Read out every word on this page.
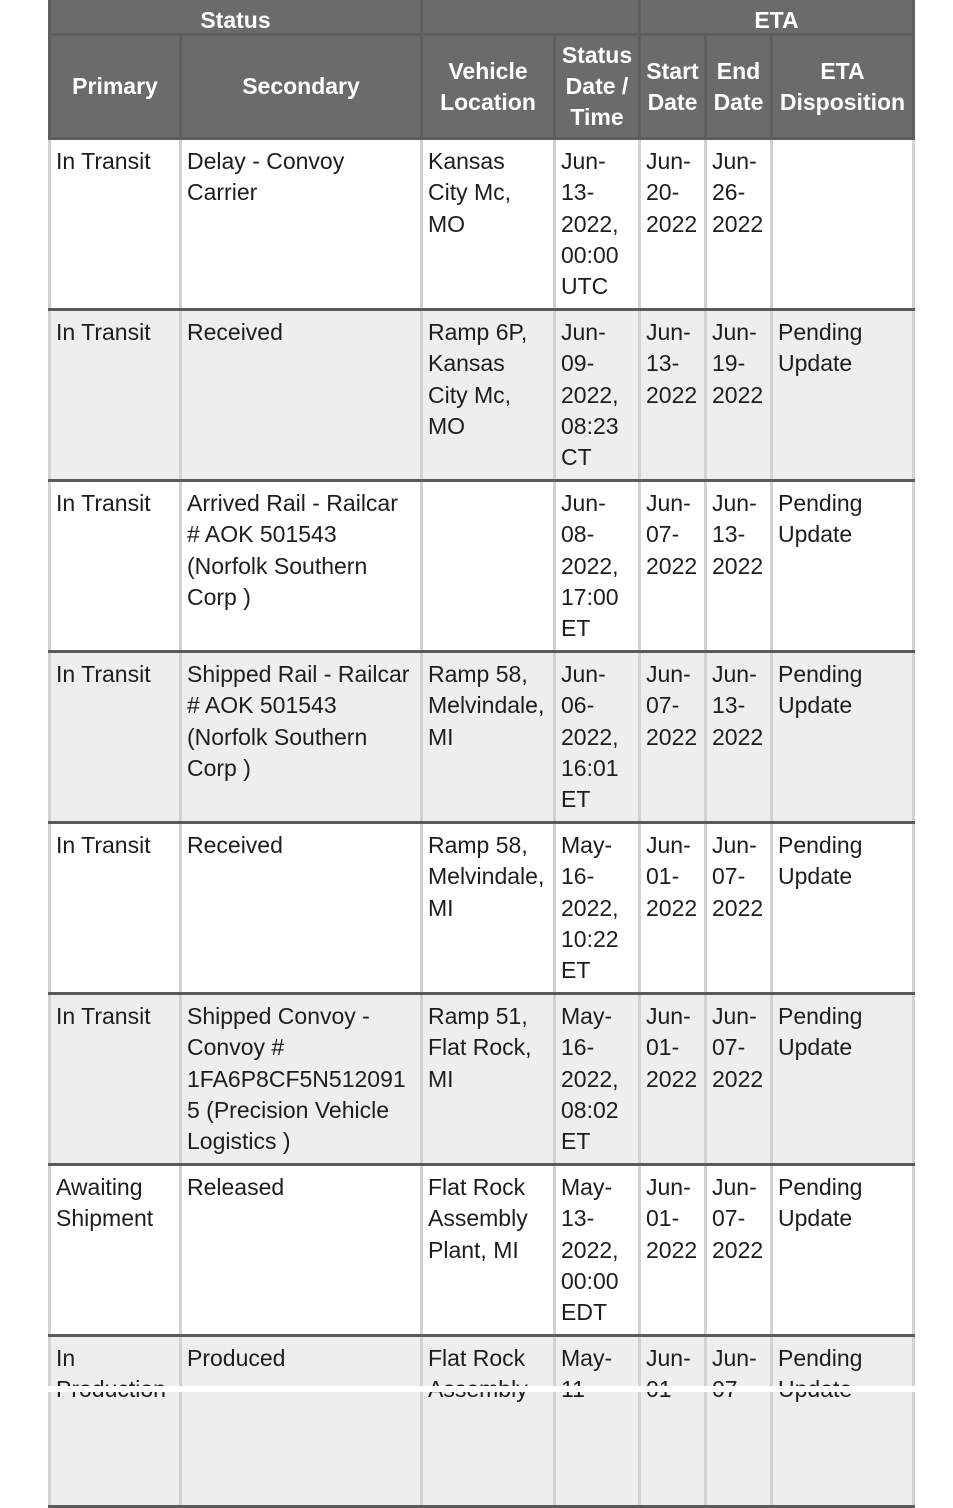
Status				ETA		

Primary	Secondary	Vehicle Location	Status Date / Time	Start Date	End Date	ETA Disposition
In Transit	Delay - Convoy Carrier	Kansas City Mc, MO	Jun-13-2022, 00:00 UTC	Jun-20-2022	Jun-26-2022	
In Transit	Received	Ramp 6P, Kansas City Mc, MO	Jun-09-2022, 08:23 CT	Jun-13-2022	Jun-19-2022	Pending Update
In Transit	Arrived Rail - Railcar # AOK 501543 (Norfolk Southern Corp )		Jun-08-2022, 17:00 ET	Jun-07-2022	Jun-13-2022	Pending Update
In Transit	Shipped Rail - Railcar # AOK 501543 (Norfolk Southern Corp )	Ramp 58, Melvindale, MI	Jun-06-2022, 16:01 ET	Jun-07-2022	Jun-13-2022	Pending Update
In Transit	Received	Ramp 58, Melvindale, MI	May-16-2022, 10:22 ET	Jun-01-2022	Jun-07-2022	Pending Update
In Transit	Shipped Convoy - Convoy # 1FA6P8CF5N5120915 (Precision Vehicle Logistics )	Ramp 51, Flat Rock, MI	May-16-2022, 08:02 ET	Jun-01-2022	Jun-07-2022	Pending Update
Awaiting Shipment	Released	Flat Rock Assembly Plant, MI	May-13-2022, 00:00 EDT	Jun-01-2022	Jun-07-2022	Pending Update
In	Produced	Flat Rock	May-	Jun-	Jun-	Pending
